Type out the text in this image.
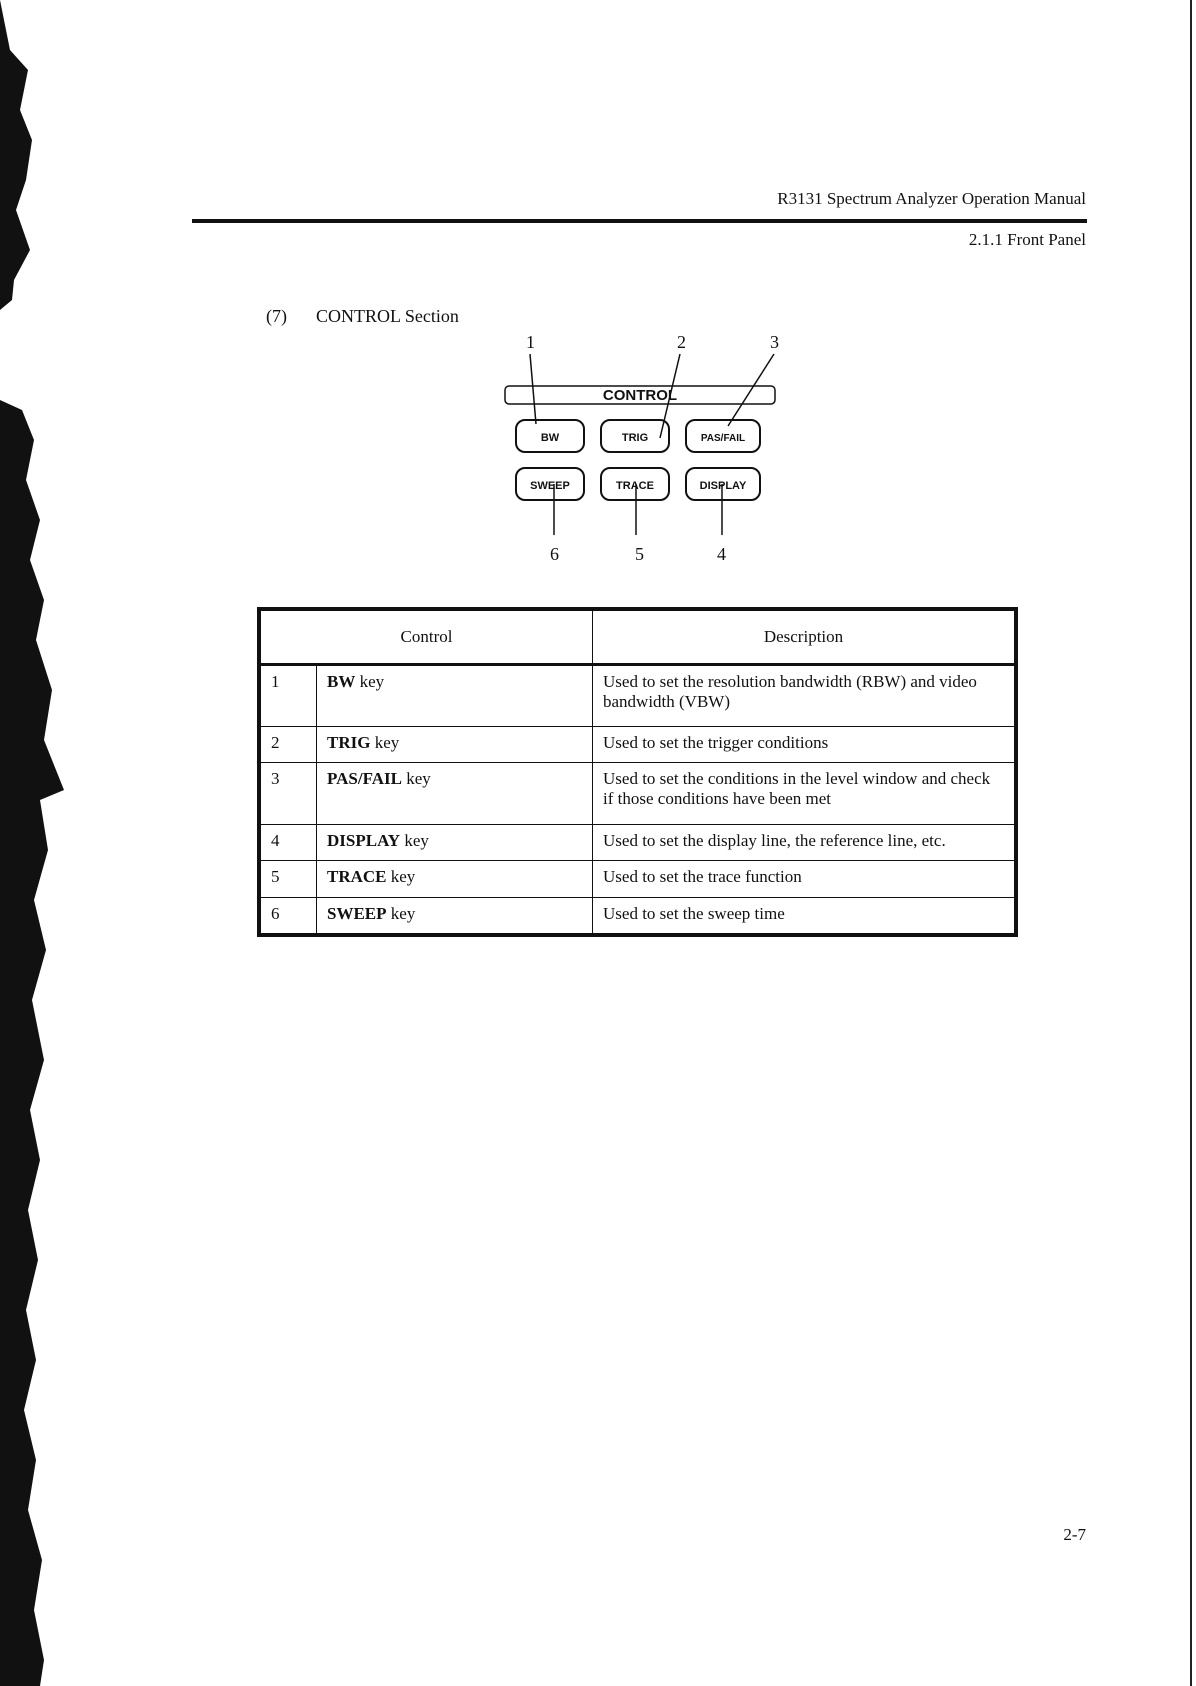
R3131 Spectrum Analyzer Operation Manual
2.1.1 Front Panel
(7) CONTROL Section
1	2	3
6	5	4
CONTROL
BW	TRIG	PAS/FAIL
SWEEP	TRACE	DISPLAY
Control		Description
1	BW key	Used to set the resolution bandwidth (RBW) and video bandwidth (VBW)
2	TRIG key	Used to set the trigger conditions
3	PAS/FAIL key	Used to set the conditions in the level window and check if those conditions have been met
4	DISPLAY key	Used to set the display line, the reference line, etc.
5	TRACE key	Used to set the trace function
6	SWEEP key	Used to set the sweep time
2-7
